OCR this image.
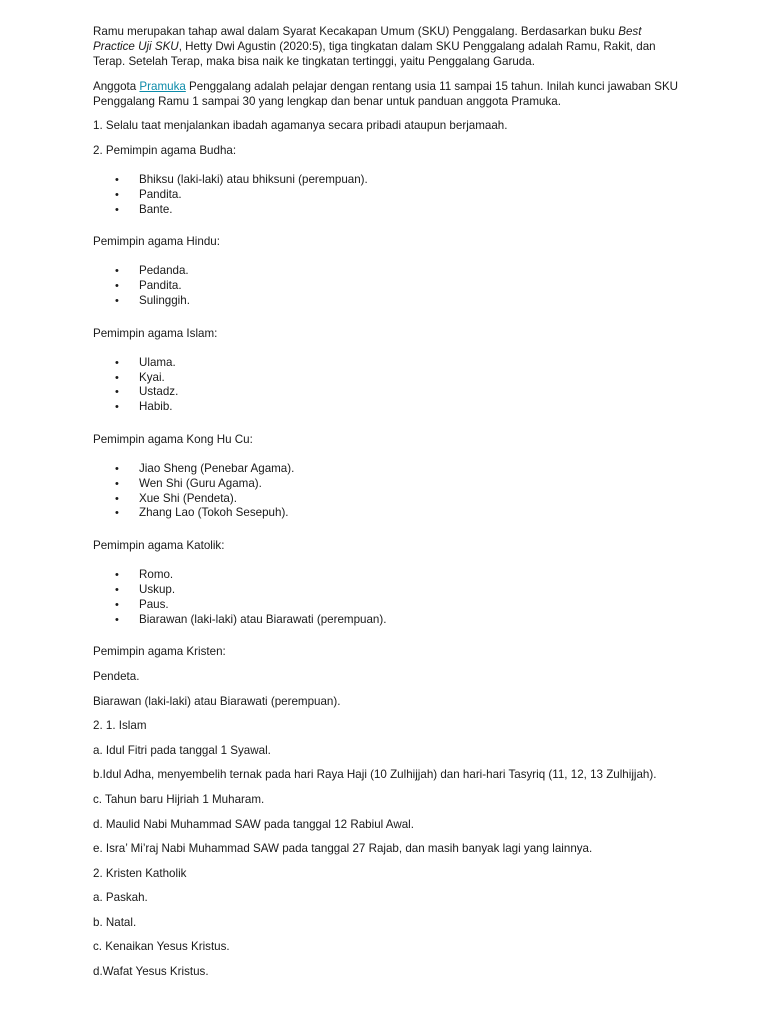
Ramu merupakan tahap awal dalam Syarat Kecakapan Umum (SKU) Penggalang. Berdasarkan buku Best Practice Uji SKU, Hetty Dwi Agustin (2020:5), tiga tingkatan dalam SKU Penggalang adalah Ramu, Rakit, dan Terap. Setelah Terap, maka bisa naik ke tingkatan tertinggi, yaitu Penggalang Garuda.

Anggota Pramuka Penggalang adalah pelajar dengan rentang usia 11 sampai 15 tahun. Inilah kunci jawaban SKU Penggalang Ramu 1 sampai 30 yang lengkap dan benar untuk panduan anggota Pramuka.

1. Selalu taat menjalankan ibadah agamanya secara pribadi ataupun berjamaah.

2. Pemimpin agama Budha:

• Bhiksu (laki-laki) atau bhiksuni (perempuan).
• Pandita.
• Bante.

Pemimpin agama Hindu:

• Pedanda.
• Pandita.
• Sulinggih.

Pemimpin agama Islam:

• Ulama.
• Kyai.
• Ustadz.
• Habib.

Pemimpin agama Kong Hu Cu:

• Jiao Sheng (Penebar Agama).
• Wen Shi (Guru Agama).
• Xue Shi (Pendeta).
• Zhang Lao (Tokoh Sesepuh).

Pemimpin agama Katolik:

• Romo.
• Uskup.
• Paus.
• Biarawan (laki-laki) atau Biarawati (perempuan).

Pemimpin agama Kristen:

Pendeta.

Biarawan (laki-laki) atau Biarawati (perempuan).

2. 1. Islam

a. Idul Fitri pada tanggal 1 Syawal.

b.Idul Adha, menyembelih ternak pada hari Raya Haji (10 Zulhijjah) dan hari-hari Tasyriq (11, 12, 13 Zulhijjah).

c. Tahun baru Hijriah 1 Muharam.

d. Maulid Nabi Muhammad SAW pada tanggal 12 Rabiul Awal.

e. Isra’ Mi’raj Nabi Muhammad SAW pada tanggal 27 Rajab, dan masih banyak lagi yang lainnya.

2. Kristen Katholik

a. Paskah.

b. Natal.

c. Kenaikan Yesus Kristus.

d.Wafat Yesus Kristus.
